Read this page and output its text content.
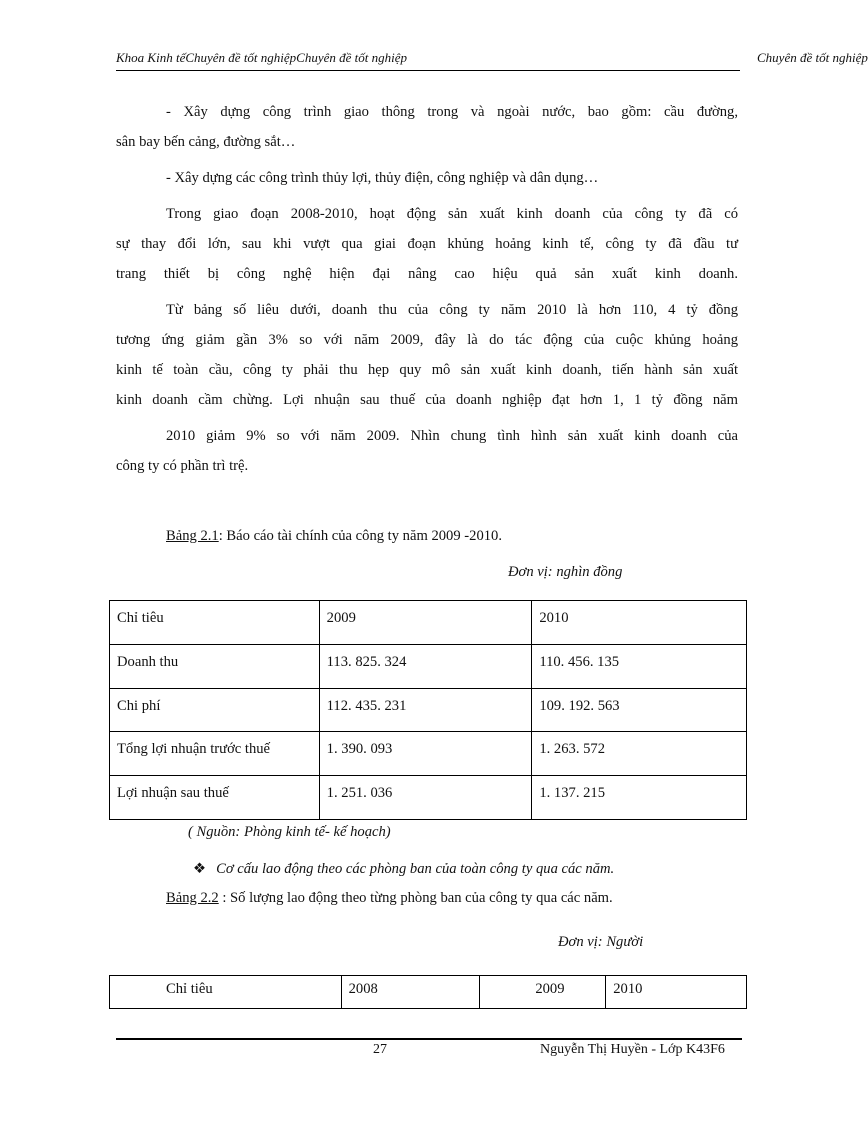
Khoa Kinh tếChuyên đề tốt nghiệpChuyên đề tốt nghiệp	Chuyên đề tốt nghiệp

- Xây dựng công trình giao thông trong và ngoài nước, bao gồm: cầu đường,

sân bay bến cảng, đường sắt…

- Xây dựng các công trình thủy lợi, thủy điện, công nghiệp và dân dụng…

Trong giao đoạn 2008-2010, hoạt động sản xuất kinh doanh của công ty đã có

sự thay đổi lớn, sau khi vượt qua giai đoạn khủng hoảng kinh tế, công ty đã đầu tư

trang thiết bị công nghệ hiện đại nâng cao hiệu quả sản xuất kinh doanh.

Từ bảng số liêu dưới, doanh thu của công ty năm 2010 là hơn 110, 4 tỷ đồng

tương ứng giảm gần 3% so với năm 2009, đây là do tác động của cuộc khủng hoảng

kinh tế toàn cầu, công ty phải thu hẹp quy mô sản xuất kinh doanh, tiến hành sản xuất

kinh doanh cầm chừng. Lợi nhuận sau thuế của doanh nghiệp đạt hơn 1, 1 tỷ đồng năm

2010 giảm 9% so với năm 2009. Nhìn chung tình hình sản xuất kinh doanh của

công ty có phần trì trệ.

Bảng 2.1: Báo cáo tài chính của công ty năm 2009 -2010.
Đơn vị: nghìn đồng
Chỉ tiêu	2009	2010
Doanh thu	113. 825. 324	110. 456. 135
Chi phí	112. 435. 231	109. 192. 563
Tổng lợi nhuận trước thuế	1. 390. 093	1. 263. 572
Lợi nhuận sau thuế	1. 251. 036	1. 137. 215
( Nguồn: Phòng kinh tế- kế hoạch)
❖ Cơ cấu lao động theo các phòng ban của toàn công ty qua các năm.
Bảng 2.2 : Số lượng lao động theo từng phòng ban của công ty qua các năm.
Đơn vị: Người
Chỉ tiêu	2008	2009	2010
27	Nguyễn Thị Huyền - Lớp K43F6
